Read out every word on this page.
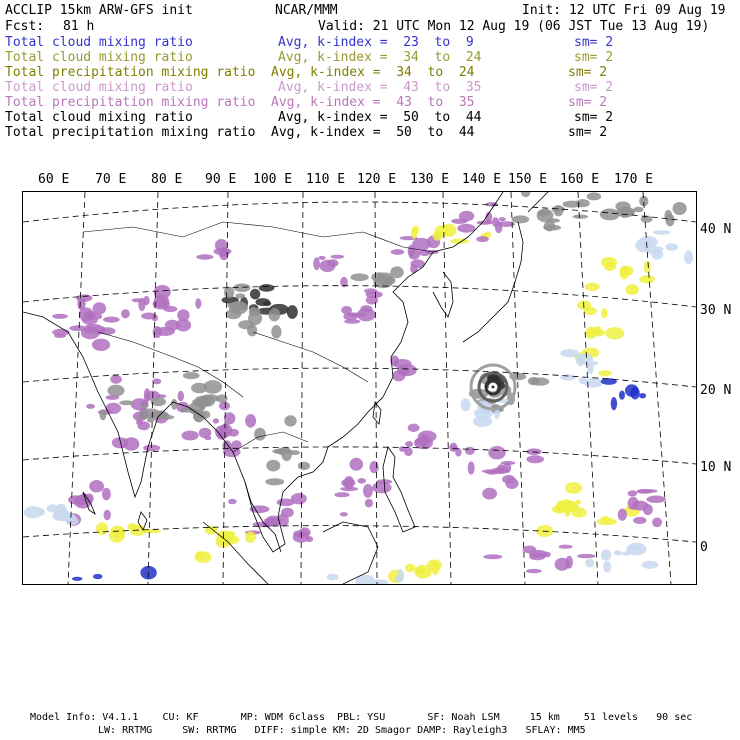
ACCLIP 15km ARW-GFS init	NCAR/MMM	Init: 12 UTC Fri 09 Aug 19
Fcst: 81 h	Valid: 21 UTC Mon 12 Aug 19 (06 JST Tue 13 Aug 19)
Total cloud mixing ratio	Avg, k-index =  23  to  9	sm= 2
Total cloud mixing ratio	Avg, k-index =  34  to  24	sm= 2
Total precipitation mixing ratio Avg, k-index =  34  to  24	sm= 2
Total cloud mixing ratio	Avg, k-index =  43  to  35	sm= 2
Total precipitation mixing ratio Avg, k-index =  43  to  35	sm= 2
Total cloud mixing ratio	Avg, k-index =  50  to  44	sm= 2
Total precipitation mixing ratio Avg, k-index =  50  to  44	sm= 2
60 E 70 E 80 E 90 E 100 E 110 E 120 E 130 E 140 E 150 E 160 E 170 E
40 N
30 N
20 N
10 N
0
Model Info: V4.1.1    CU: KF       MP: WDM 6class  PBL: YSU       SF: Noah LSM     15 km    51 levels   90 sec
LW: RRTMG     SW: RRTMG   DIFF: simple KM: 2D Smagor DAMP: Rayleigh3   SFLAY: MM5
